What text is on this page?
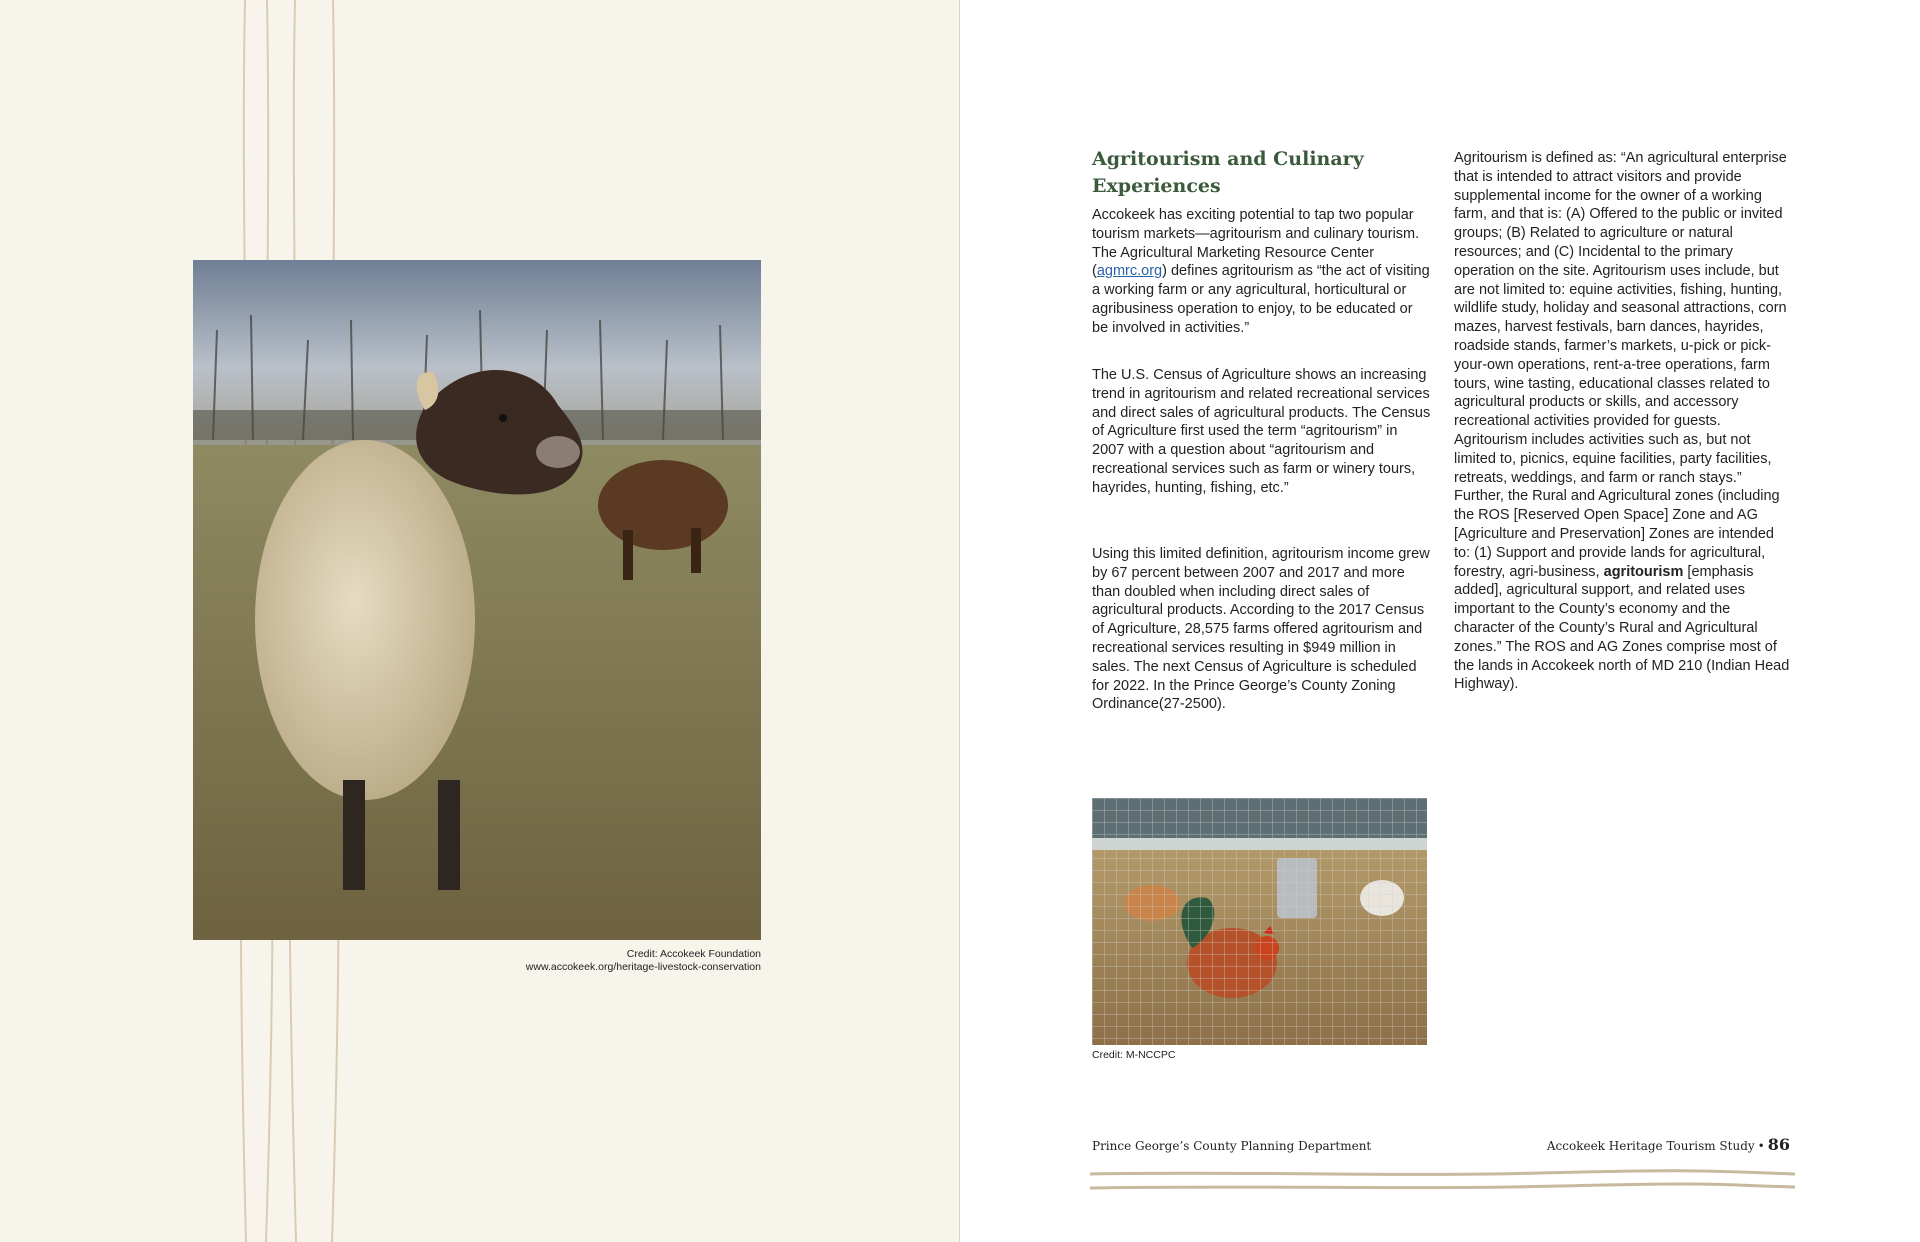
Credit: Accokeek Foundation
www.accokeek.org/heritage-livestock-conservation
Agritourism and Culinary Experiences

Accokeek has exciting potential to tap two popular tourism markets—agritourism and culinary tourism. The Agricultural Marketing Resource Center (agmrc.org) defines agritourism as “the act of visiting a working farm or any agricultural, horticultural or agribusiness operation to enjoy, to be educated or be involved in activities.”

The U.S. Census of Agriculture shows an increasing trend in agritourism and related recreational services and direct sales of agricultural products. The Census of Agriculture first used the term “agritourism” in 2007 with a question about “agritourism and recreational services such as farm or winery tours, hayrides, hunting, fishing, etc.”

Using this limited definition, agritourism income grew by 67 percent between 2007 and 2017 and more than doubled when including direct sales of agricultural products. According to the 2017 Census of Agriculture, 28,575 farms offered agritourism and recreational services resulting in $949 million in sales. The next Census of Agriculture is scheduled for 2022. In the Prince George’s County Zoning Ordinance(27-2500).

Agritourism is defined as: “An agricultural enterprise that is intended to attract visitors and provide supplemental income for the owner of a working farm, and that is: (A) Offered to the public or invited groups; (B) Related to agriculture or natural resources; and (C) Incidental to the primary operation on the site. Agritourism uses include, but are not limited to: equine activities, fishing, hunting, wildlife study, holiday and seasonal attractions, corn mazes, harvest festivals, barn dances, hayrides, roadside stands, farmer’s markets, u-pick or pick-your-own operations, rent-a-tree operations, farm tours, wine tasting, educational classes related to agricultural products or skills, and accessory recreational activities provided for guests. Agritourism includes activities such as, but not limited to, picnics, equine facilities, party facilities, retreats, weddings, and farm or ranch stays.” Further, the Rural and Agricultural zones (including the ROS [Reserved Open Space] Zone and AG [Agriculture and Preservation] Zones are intended to: (1) Support and provide lands for agricultural, forestry, agri-business, agritourism [emphasis added], agricultural support, and related uses important to the County’s economy and the character of the County’s Rural and Agricultural zones.” The ROS and AG Zones comprise most of the lands in Accokeek north of MD 210 (Indian Head Highway).

Credit: M-NCCPC
Prince George’s County Planning Department	Accokeek Heritage Tourism Study • 86
